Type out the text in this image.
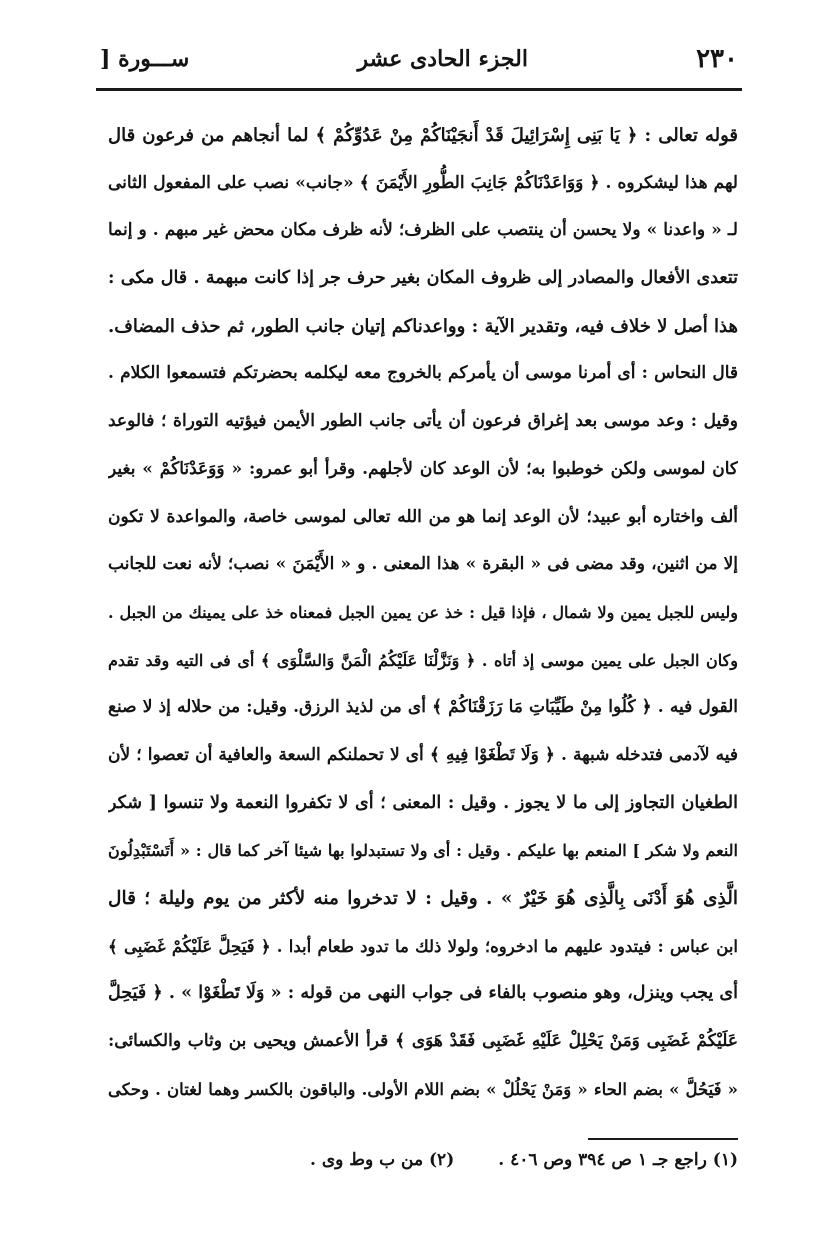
٢٣٠
الجزء الحادى عشر
ســـورة [
قوله تعالى : ﴿ يَا بَنِى إِسْرَائِيلَ قَدْ أَنجَيْنَاكُمْ مِنْ عَدُوِّكُمْ ﴾ لما أنجاهم من فرعون قال
لهم هذا ليشكروه . ﴿ وَوَاعَدْنَاكُمْ جَانِبَ الطُّورِ الأَيْمَنَ ﴾ «جانب» نصب على المفعول الثانى
لـ « واعدنا » ولا يحسن أن ينتصب على الظرف؛ لأنه ظرف مكان محض غير مبهم . و إنما
تتعدى الأفعال والمصادر إلى ظروف المكان بغير حرف جر إذا كانت مبهمة . قال مكى :
هذا أصل لا خلاف فيه، وتقدير الآية : وواعدناكم إتيان جانب الطور، ثم حذف المضاف.
قال النحاس : أى أمرنا موسى أن يأمركم بالخروج معه ليكلمه بحضرتكم فتسمعوا الكلام .
وقيل : وعد موسى بعد إغراق فرعون أن يأتى جانب الطور الأيمن فيؤتيه التوراة ؛ فالوعد
كان لموسى ولكن خوطبوا به؛ لأن الوعد كان لأجلهم. وقرأ أبو عمرو: « وَوَعَدْنَاكُمْ » بغير
ألف واختاره أبو عبيد؛ لأن الوعد إنما هو من الله تعالى لموسى خاصة، والمواعدة لا تكون
إلا من اثنين، وقد مضى فى « البقرة » هذا المعنى . و « الأَيْمَنَ » نصب؛ لأنه نعت للجانب
وليس للجبل يمين ولا شمال ، فإذا قيل : خذ عن يمين الجبل فمعناه خذ على يمينك من الجبل .
وكان الجبل على يمين موسى إذ أتاه . ﴿ وَنَزَّلْنَا عَلَيْكُمُ الْمَنَّ وَالسَّلْوَى ﴾ أى فى التيه وقد تقدم
القول فيه . ﴿ كُلُوا مِنْ طَيِّبَاتِ مَا رَزَقْنَاكُمْ ﴾ أى من لذيذ الرزق. وقيل: من حلاله إذ لا صنع
فيه لآدمى فتدخله شبهة . ﴿ وَلَا تَطْغَوْا فِيهِ ﴾ أى لا تحملنكم السعة والعافية أن تعصوا ؛ لأن
الطغيان التجاوز إلى ما لا يجوز . وقيل : المعنى ؛ أى لا تكفروا النعمة ولا تنسوا [ شكر
النعم ولا شكر ] المنعم بها عليكم . وقيل : أى ولا تستبدلوا بها شيئا آخر كما قال : « أَتَسْتَبْدِلُونَ
الَّذِى هُوَ أَدْنَى بِالَّذِى هُوَ خَيْرٌ » . وقيل : لا تدخروا منه لأكثر من يوم وليلة ؛ قال
ابن عباس : فيتدود عليهم ما ادخروه؛ ولولا ذلك ما تدود طعام أبدا . ﴿ فَيَحِلَّ عَلَيْكُمْ غَضَبِى ﴾
أى يجب وينزل، وهو منصوب بالفاء فى جواب النهى من قوله : « وَلَا تَطْغَوْا » . ﴿ فَيَحِلَّ
عَلَيْكُمْ غَضَبِى وَمَنْ يَحْلِلْ عَلَيْهِ غَضَبِى فَقَدْ هَوَى ﴾ قرأ الأعمش ويحيى بن وثاب والكسائى:
« فَيَحُلَّ » بضم الحاء « وَمَنْ يَحْلُلْ » بضم اللام الأولى. والباقون بالكسر وهما لغتان . وحكى
(١) راجع جـ ١ ص ٣٩٤ وص ٤٠٦ .
(٢) من ب وط وى .
